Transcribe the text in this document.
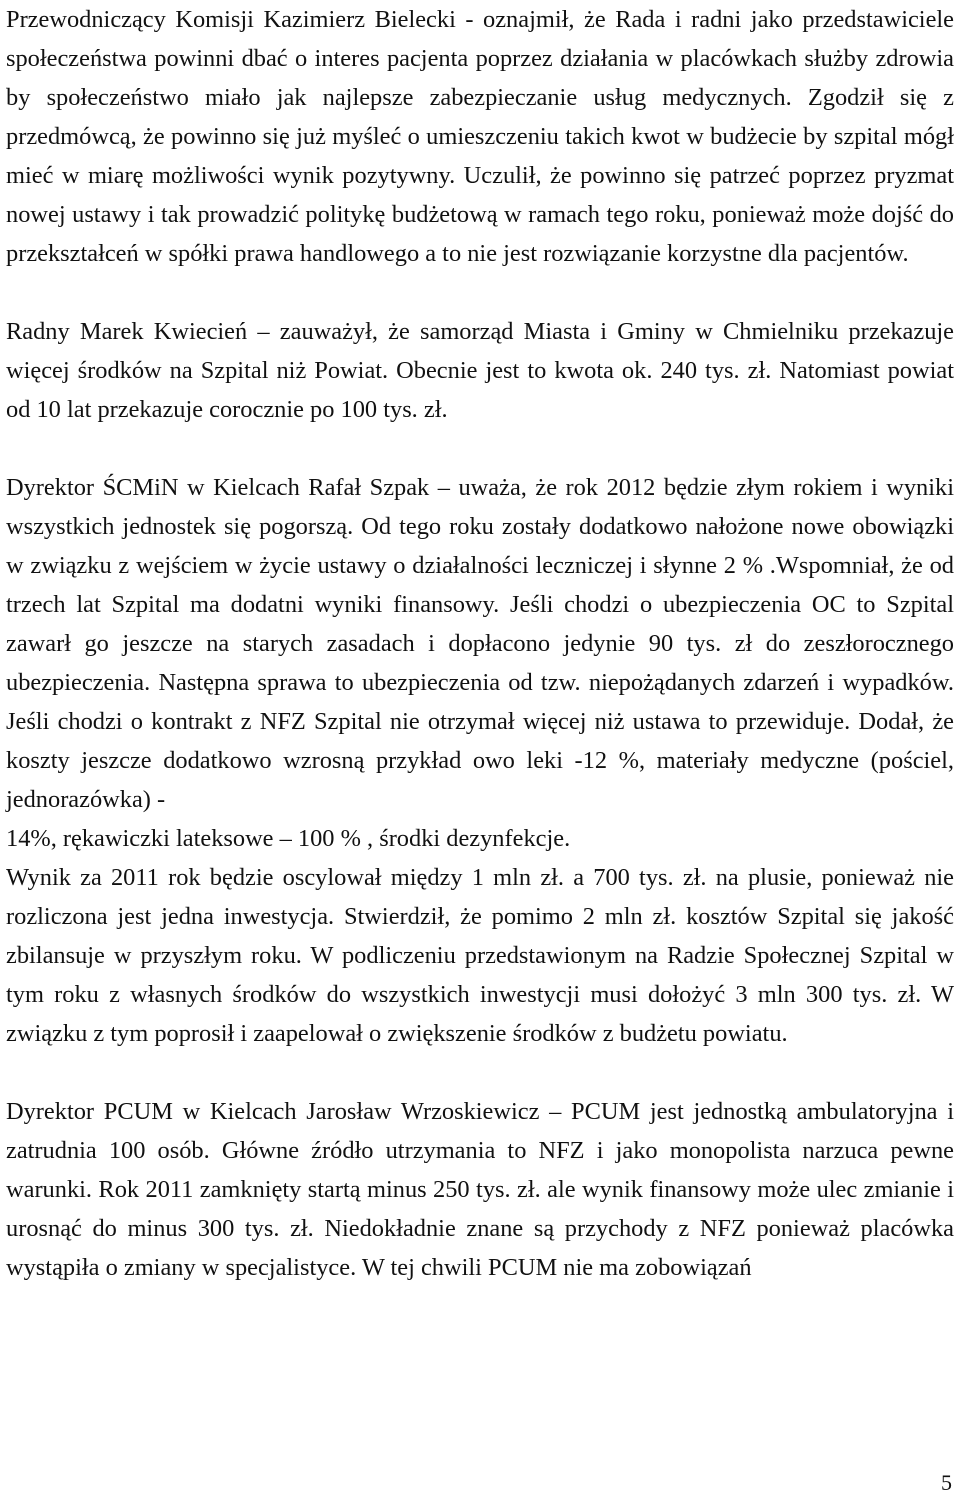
Przewodniczący Komisji Kazimierz Bielecki - oznajmił, że Rada i radni jako przedstawiciele społeczeństwa powinni dbać o interes pacjenta poprzez działania w placówkach służby zdrowia by społeczeństwo miało jak najlepsze zabezpieczanie usług medycznych. Zgodził się z przedmówcą, że powinno się już myśleć o umieszczeniu takich kwot w budżecie by szpital mógł mieć w miarę możliwości wynik pozytywny. Uczulił, że powinno się patrzeć poprzez pryzmat nowej ustawy i tak prowadzić politykę budżetową w ramach tego roku, ponieważ może dojść do przekształceń w spółki prawa handlowego a to nie jest rozwiązanie korzystne dla pacjentów.

Radny Marek Kwiecień – zauważył, że samorząd Miasta i Gminy w Chmielniku przekazuje więcej środków na Szpital niż Powiat. Obecnie jest to kwota ok. 240 tys. zł. Natomiast powiat od 10 lat przekazuje corocznie po 100 tys. zł.

Dyrektor ŚCMiN w Kielcach Rafał Szpak – uważa, że rok 2012 będzie złym rokiem i wyniki wszystkich jednostek się pogorszą. Od tego roku zostały dodatkowo nałożone nowe obowiązki w związku z wejściem w życie ustawy o działalności leczniczej i słynne 2 % .Wspomniał, że od trzech lat Szpital ma dodatni wyniki finansowy. Jeśli chodzi o ubezpieczenia OC to Szpital zawarł go jeszcze na starych zasadach i dopłacono jedynie 90 tys. zł do zeszłorocznego ubezpieczenia. Następna sprawa to ubezpieczenia od tzw. niepożądanych zdarzeń i wypadków. Jeśli chodzi o kontrakt z NFZ Szpital nie otrzymał więcej niż ustawa to przewiduje. Dodał, że koszty jeszcze dodatkowo wzrosną przykład owo leki -12 %, materiały medyczne (pościel, jednorazówka) -

14%, rękawiczki lateksowe – 100 % , środki dezynfekcje.

Wynik za 2011 rok będzie oscylował między 1 mln zł. a 700 tys. zł. na plusie, ponieważ nie rozliczona jest jedna inwestycja. Stwierdził, że pomimo 2 mln zł. kosztów Szpital się jakość zbilansuje w przyszłym roku. W podliczeniu przedstawionym na Radzie Społecznej Szpital w tym roku z własnych środków do wszystkich inwestycji musi dołożyć 3 mln 300 tys. zł. W związku z tym poprosił i zaapelował o zwiększenie środków z budżetu powiatu.

Dyrektor PCUM w Kielcach Jarosław Wrzoskiewicz – PCUM jest jednostką ambulatoryjna i zatrudnia 100 osób. Główne źródło utrzymania to NFZ i jako monopolista narzuca pewne warunki. Rok 2011 zamknięty startą minus 250 tys. zł. ale wynik finansowy może ulec zmianie i urosnąć do minus 300 tys. zł. Niedokładnie znane są przychody z NFZ ponieważ placówka wystąpiła o zmiany w specjalistyce. W tej chwili PCUM nie ma zobowiązań

5
